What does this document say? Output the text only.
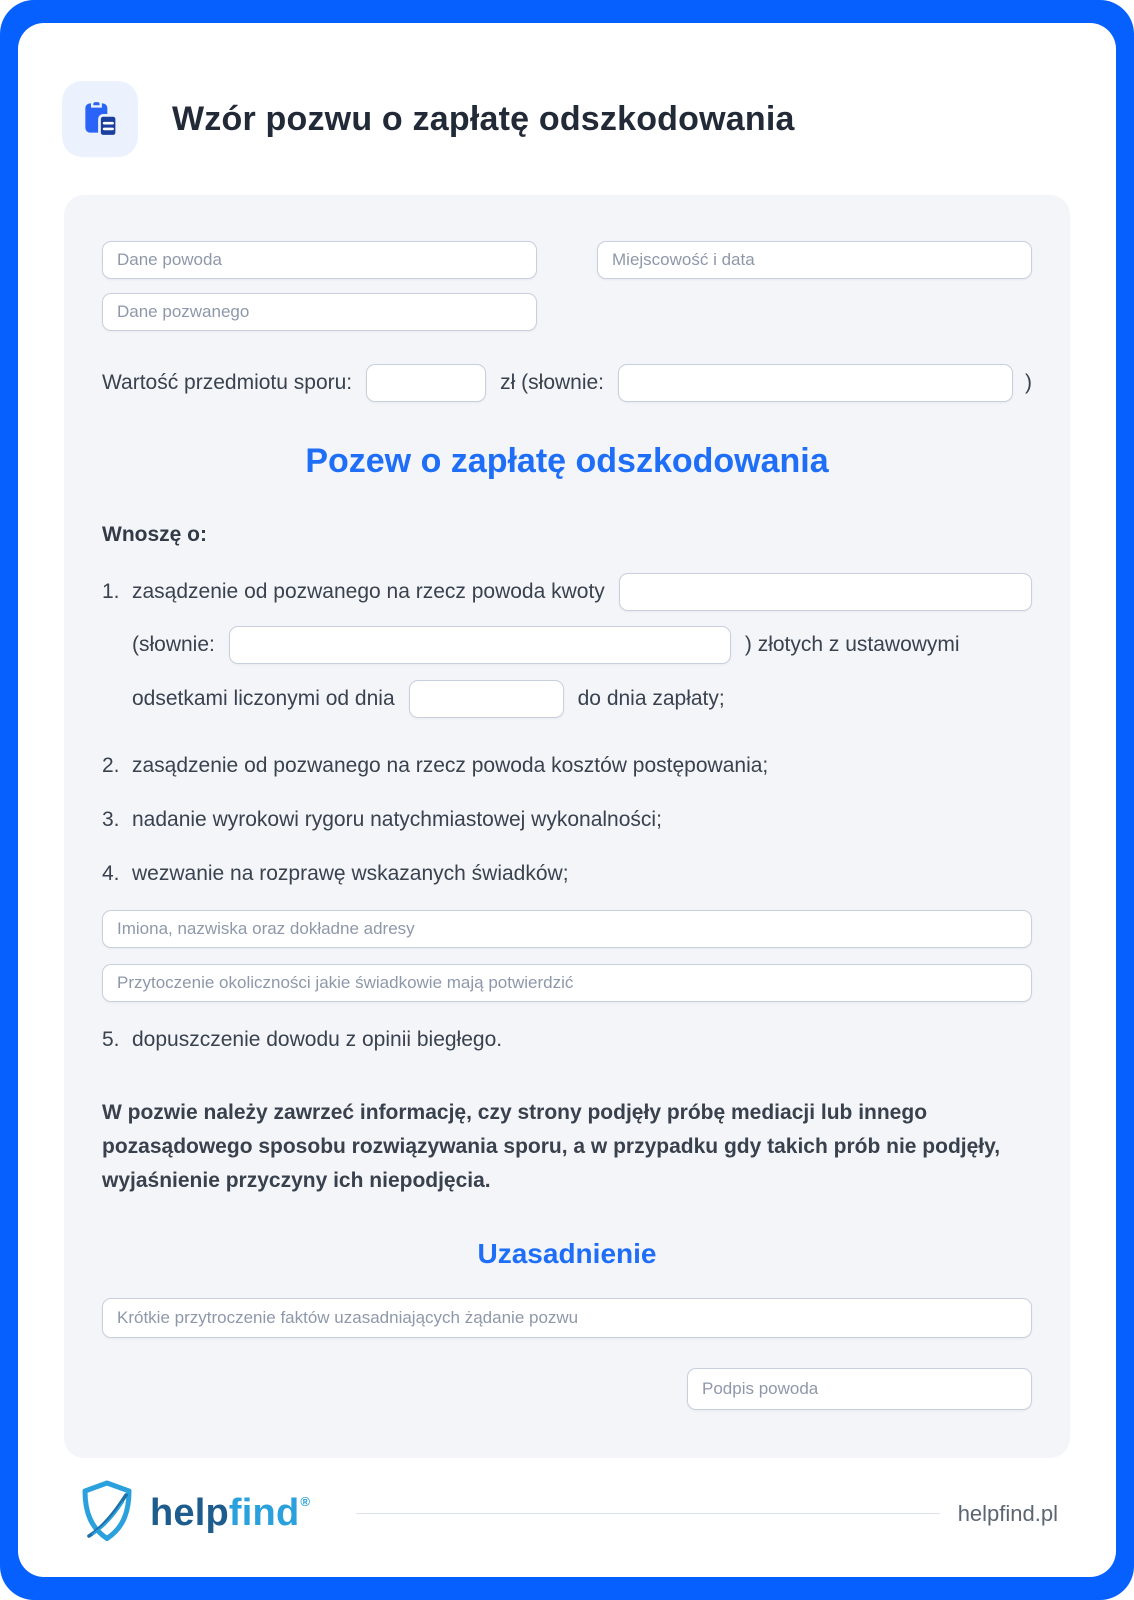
Wzór pozwu o zapłatę odszkodowania
Dane powoda
Miejscowość i data
Dane pozwanego
Wartość przedmiotu sporu:	zł (słownie:	)
Pozew o zapłatę odszkodowania
Wnoszę o:
1. zasądzenie od pozwanego na rzecz powoda kwoty
(słownie:	) złotych z ustawowymi
odsetkami liczonymi od dnia	do dnia zapłaty;
2. zasądzenie od pozwanego na rzecz powoda kosztów postępowania;
3. nadanie wyrokowi rygoru natychmiastowej wykonalności;
4. wezwanie na rozprawę wskazanych świadków;
Imiona, nazwiska oraz dokładne adresy
Przytoczenie okoliczności jakie świadkowie mają potwierdzić
5. dopuszczenie dowodu z opinii biegłego.
W pozwie należy zawrzeć informację, czy strony podjęły próbę mediacji lub innego pozasądowego sposobu rozwiązywania sporu, a w przypadku gdy takich prób nie podjęły, wyjaśnienie przyczyny ich niepodjęcia.
Uzasadnienie
Krótkie przytroczenie faktów uzasadniających żądanie pozwu
Podpis powoda
help find ®	helpfind.pl
